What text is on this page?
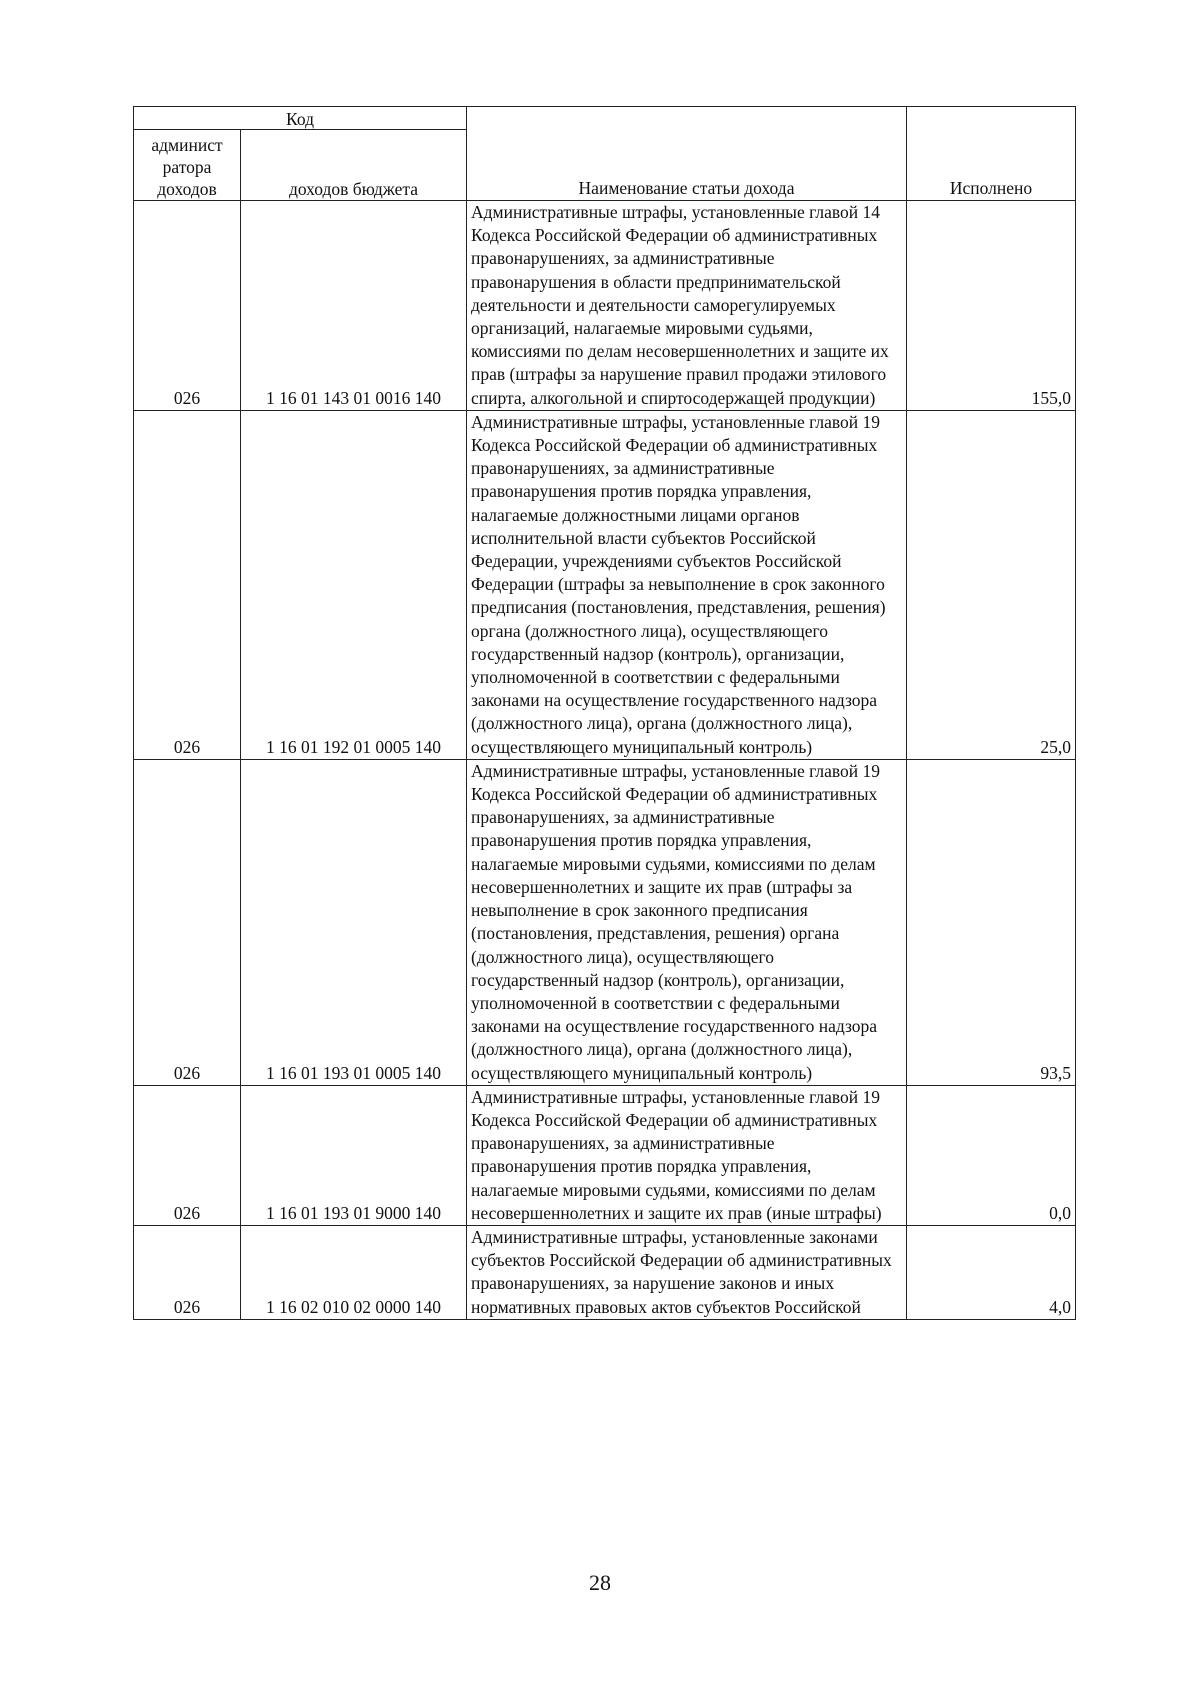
Код		Наименование статьи дохода	Исполнено
админист
ратора
доходов	доходов бюджета		
026	1 16 01 143 01 0016 140	Административные штрафы, установленные главой 14 Кодекса Российской Федерации об административных правонарушениях, за административные правонарушения в области предпринимательской деятельности и деятельности саморегулируемых организаций, налагаемые мировыми судьями, комиссиями по делам несовершеннолетних и защите их прав (штрафы за нарушение правил продажи этилового спирта, алкогольной и спиртосодержащей продукции)	155,0
026	1 16 01 192 01 0005 140	Административные штрафы, установленные главой 19 Кодекса Российской Федерации об административных правонарушениях, за административные правонарушения против порядка управления, налагаемые должностными лицами органов исполнительной власти субъектов Российской Федерации, учреждениями субъектов Российской Федерации (штрафы за невыполнение в срок законного предписания (постановления, представления, решения) органа (должностного лица), осуществляющего государственный надзор (контроль), организации, уполномоченной в соответствии с федеральными законами на осуществление государственного надзора (должностного лица), органа (должностного лица), осуществляющего муниципальный контроль)	25,0
026	1 16 01 193 01 0005 140	Административные штрафы, установленные главой 19 Кодекса Российской Федерации об административных правонарушениях, за административные правонарушения против порядка управления, налагаемые мировыми судьями, комиссиями по делам несовершеннолетних и защите их прав (штрафы за невыполнение в срок законного предписания (постановления, представления, решения) органа (должностного лица), осуществляющего государственный надзор (контроль), организации, уполномоченной в соответствии с федеральными законами на осуществление государственного надзора (должностного лица), органа (должностного лица), осуществляющего муниципальный контроль)	93,5
026	1 16 01 193 01 9000 140	Административные штрафы, установленные главой 19 Кодекса Российской Федерации об административных правонарушениях, за административные правонарушения против порядка управления, налагаемые мировыми судьями, комиссиями по делам несовершеннолетних и защите их прав (иные штрафы)	0,0
026	1 16 02 010 02 0000 140	Административные штрафы, установленные законами субъектов Российской Федерации об административных правонарушениях, за нарушение законов и иных нормативных правовых актов субъектов Российской	4,0
28
